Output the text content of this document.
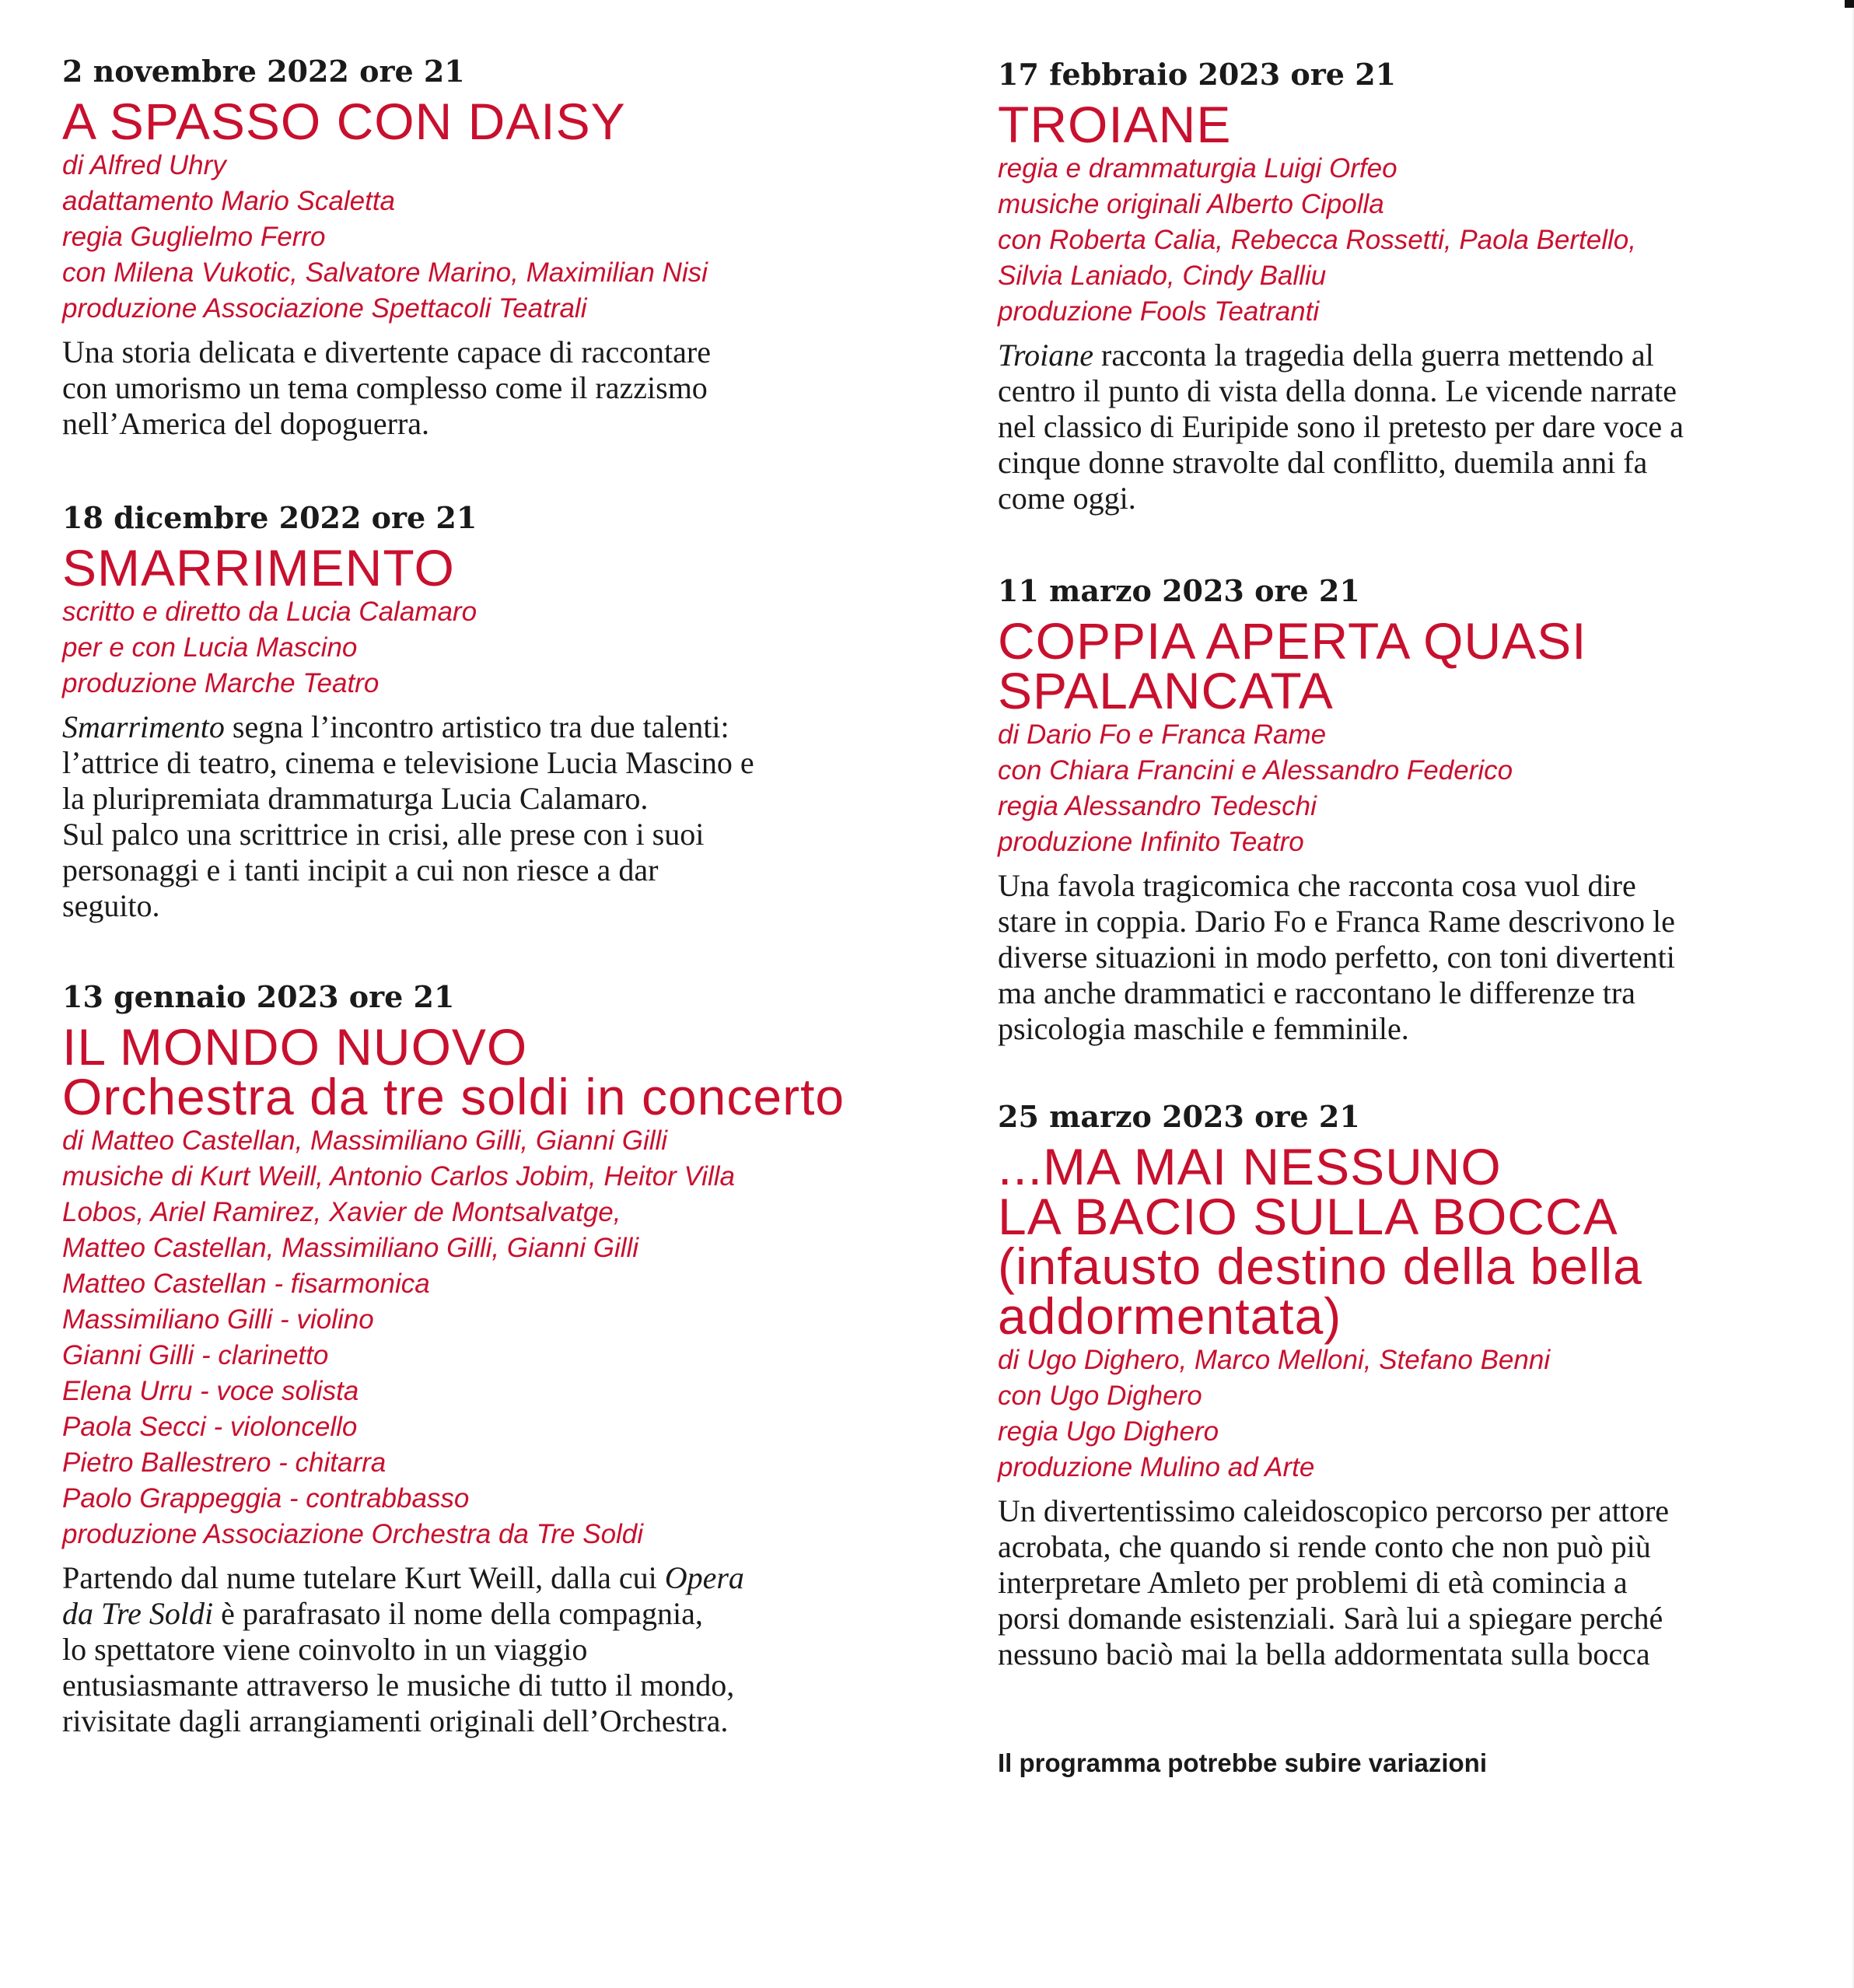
2 novembre 2022 ore 21

A SPASSO CON DAISY
di Alfred Uhry
adattamento Mario Scaletta
regia Guglielmo Ferro
con Milena Vukotic, Salvatore Marino, Maximilian Nisi
produzione Associazione Spettacoli Teatrali

Una storia delicata e divertente capace di raccontare
con umorismo un tema complesso come il razzismo
nell’America del dopoguerra.

18 dicembre 2022 ore 21

SMARRIMENTO
scritto e diretto da Lucia Calamaro
per e con Lucia Mascino
produzione Marche Teatro

Smarrimento segna l’incontro artistico tra due talenti:
l’attrice di teatro, cinema e televisione Lucia Mascino e
la pluripremiata drammaturga Lucia Calamaro.
Sul palco una scrittrice in crisi, alle prese con i suoi
personaggi e i tanti incipit a cui non riesce a dar
seguito.

13 gennaio 2023 ore 21

IL MONDO NUOVO
Orchestra da tre soldi in concerto
di Matteo Castellan, Massimiliano Gilli, Gianni Gilli
musiche di Kurt Weill, Antonio Carlos Jobim, Heitor Villa
Lobos, Ariel Ramirez, Xavier de Montsalvatge,
Matteo Castellan, Massimiliano Gilli, Gianni Gilli
Matteo Castellan - fisarmonica
Massimiliano Gilli - violino
Gianni Gilli - clarinetto
Elena Urru - voce solista
Paola Secci - violoncello
Pietro Ballestrero - chitarra
Paolo Grappeggia - contrabbasso
produzione Associazione Orchestra da Tre Soldi

Partendo dal nume tutelare Kurt Weill, dalla cui Opera
da Tre Soldi è parafrasato il nome della compagnia,
lo spettatore viene coinvolto in un viaggio
entusiasmante attraverso le musiche di tutto il mondo,
rivisitate dagli arrangiamenti originali dell’Orchestra.

17 febbraio 2023 ore 21

TROIANE
regia e drammaturgia Luigi Orfeo
musiche originali Alberto Cipolla
con Roberta Calia, Rebecca Rossetti, Paola Bertello,
Silvia Laniado, Cindy Balliu
produzione Fools Teatranti

Troiane racconta la tragedia della guerra mettendo al
centro il punto di vista della donna. Le vicende narrate
nel classico di Euripide sono il pretesto per dare voce a
cinque donne stravolte dal conflitto, duemila anni fa
come oggi.

11 marzo 2023 ore 21

COPPIA APERTA QUASI
SPALANCATA
di Dario Fo e Franca Rame
con Chiara Francini e Alessandro Federico
regia Alessandro Tedeschi
produzione Infinito Teatro

Una favola tragicomica che racconta cosa vuol dire
stare in coppia. Dario Fo e Franca Rame descrivono le
diverse situazioni in modo perfetto, con toni divertenti
ma anche drammatici e raccontano le differenze tra
psicologia maschile e femminile.

25 marzo 2023 ore 21

...MA MAI NESSUNO
LA BACIO SULLA BOCCA
(infausto destino della bella
addormentata)
di Ugo Dighero, Marco Melloni, Stefano Benni
con Ugo Dighero
regia Ugo Dighero
produzione Mulino ad Arte

Un divertentissimo caleidoscopico percorso per attore
acrobata, che quando si rende conto che non può più
interpretare Amleto per problemi di età comincia a
porsi domande esistenziali. Sarà lui a spiegare perché
nessuno baciò mai la bella addormentata sulla bocca

Il programma potrebbe subire variazioni
